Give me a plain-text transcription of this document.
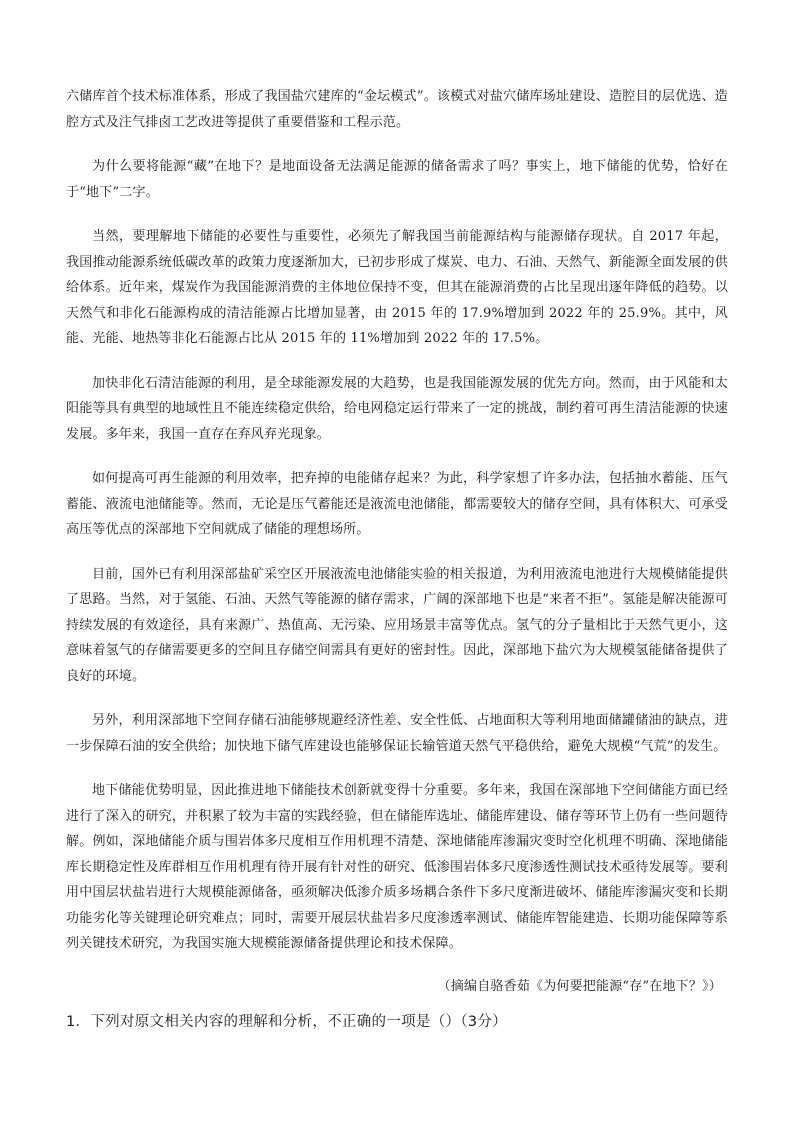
六储库首个技术标准体系，形成了我国盐穴建库的“金坛模式”。该模式对盐穴储库场址建设、造腔目的层优选、造腔方式及注气排卤工艺改进等提供了重要借鉴和工程示范。

为什么要将能源“藏”在地下？是地面设备无法满足能源的储备需求了吗？事实上，地下储能的优势，恰好在于“地下”二字。

当然，要理解地下储能的必要性与重要性，必须先了解我国当前能源结构与能源储存现状。自 2017 年起，我国推动能源系统低碳改革的政策力度逐渐加大，已初步形成了煤炭、电力、石油、天然气、新能源全面发展的供给体系。近年来，煤炭作为我国能源消费的主体地位保持不变，但其在能源消费的占比呈现出逐年降低的趋势。以天然气和非化石能源构成的清洁能源占比增加显著，由 2015 年的 17.9%增加到 2022 年的 25.9%。其中，风能、光能、地热等非化石能源占比从 2015 年的 11%增加到 2022 年的 17.5%。

加快非化石清洁能源的利用，是全球能源发展的大趋势，也是我国能源发展的优先方向。然而，由于风能和太阳能等具有典型的地域性且不能连续稳定供给，给电网稳定运行带来了一定的挑战，制约着可再生清洁能源的快速发展。多年来，我国一直存在弃风弃光现象。

如何提高可再生能源的利用效率，把弃掉的电能储存起来？为此，科学家想了许多办法，包括抽水蓄能、压气蓄能、液流电池储能等。然而，无论是压气蓄能还是液流电池储能，都需要较大的储存空间，具有体积大、可承受高压等优点的深部地下空间就成了储能的理想场所。

目前，国外已有利用深部盐矿采空区开展液流电池储能实验的相关报道，为利用液流电池进行大规模储能提供了思路。当然，对于氢能、石油、天然气等能源的储存需求，广阔的深部地下也是“来者不拒”。氢能是解决能源可持续发展的有效途径，具有来源广、热值高、无污染、应用场景丰富等优点。氢气的分子量相比于天然气更小，这意味着氢气的存储需要更多的空间且存储空间需具有更好的密封性。因此，深部地下盐穴为大规模氢能储备提供了良好的环境。

另外，利用深部地下空间存储石油能够规避经济性差、安全性低、占地面积大等利用地面储罐储油的缺点，进一步保障石油的安全供给；加快地下储气库建设也能够保证长输管道天然气平稳供给，避免大规模“气荒”的发生。

地下储能优势明显，因此推进地下储能技术创新就变得十分重要。多年来，我国在深部地下空间储能方面已经进行了深入的研究，并积累了较为丰富的实践经验，但在储能库选址、储能库建设、储存等环节上仍有一些问题待解。例如，深地储能介质与围岩体多尺度相互作用机理不清楚、深地储能库渗漏灾变时空化机理不明确、深地储能库长期稳定性及库群相互作用机理有待开展有针对性的研究、低渗围岩体多尺度渗透性测试技术亟待发展等。要利用中国层状盐岩进行大规模能源储备，亟须解决低渗介质多场耦合条件下多尺度渐进破坏、储能库渗漏灾变和长期功能劣化等关键理论研究难点；同时，需要开展层状盐岩多尺度渗透率测试、储能库智能建造、长期功能保障等系列关键技术研究，为我国实施大规模能源储备提供理论和技术保障。

（摘编自骆香茹《为何要把能源“存”在地下？》）

1．下列对原文相关内容的理解和分析，不正确的一项是（）（3分）
